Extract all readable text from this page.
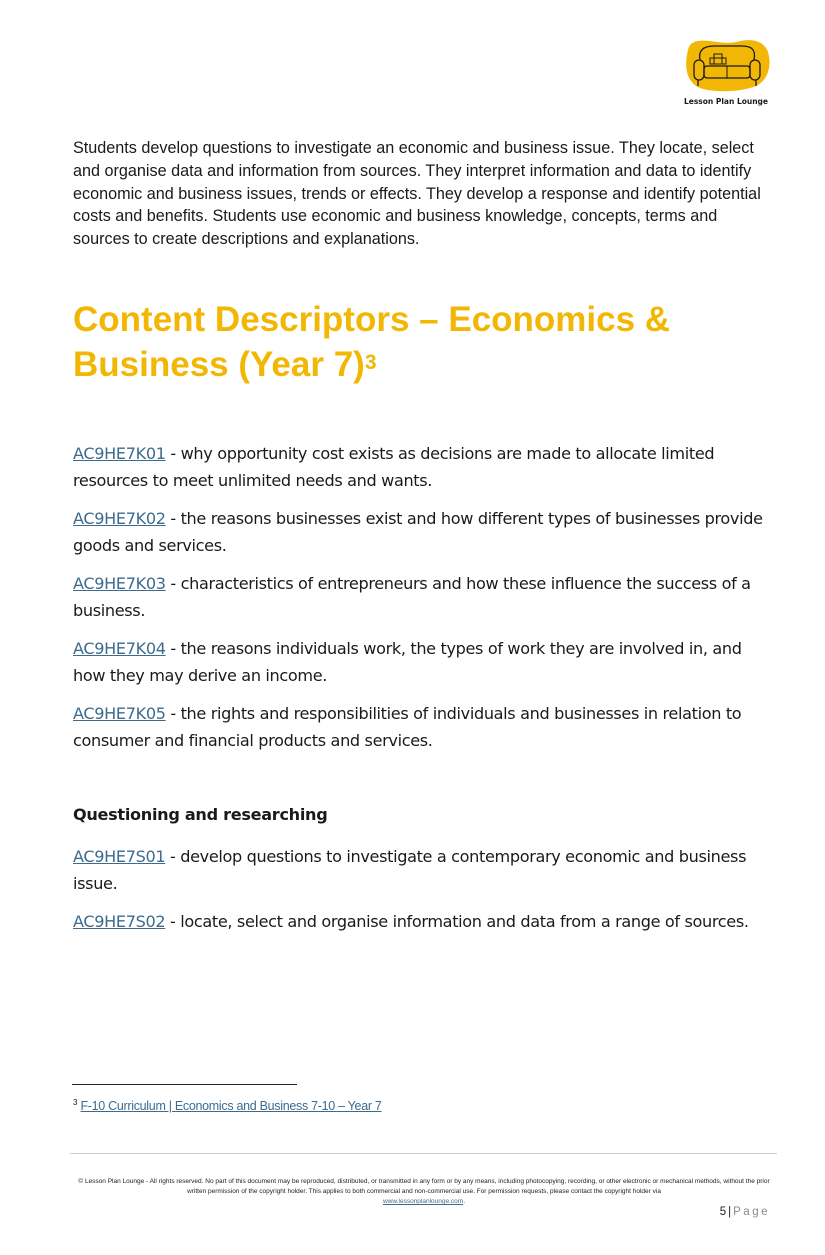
Lesson Plan Lounge

Students develop questions to investigate an economic and business issue. They locate, select and organise data and information from sources. They interpret information and data to identify economic and business issues, trends or effects. They develop a response and identify potential costs and benefits. Students use economic and business knowledge, concepts, terms and sources to create descriptions and explanations.

Content Descriptors – Economics &
Business (Year 7)$^3$

AC9HE7K01 - why opportunity cost exists as decisions are made to allocate limited resources to meet unlimited needs and wants.

AC9HE7K02 - the reasons businesses exist and how different types of businesses provide goods and services.

AC9HE7K03 - characteristics of entrepreneurs and how these influence the success of a business.

AC9HE7K04 - the reasons individuals work, the types of work they are involved in, and how they may derive an income.

AC9HE7K05 - the rights and responsibilities of individuals and businesses in relation to consumer and financial products and services.

Questioning and researching

AC9HE7S01 - develop questions to investigate a contemporary economic and business issue.

AC9HE7S02 - locate, select and organise information and data from a range of sources.

$^3$ F-10 Curriculum | Economics and Business 7-10 – Year 7

© Lesson Plan Lounge - All rights reserved. No part of this document may be reproduced, distributed, or transmitted in any form or by any means, including photocopying, recording, or other electronic or mechanical methods, without the prior written permission of the copyright holder. This applies to both commercial and non-commercial use. For permission requests, please contact the copyright holder via
www.lessonplanlounge.com.

5 | Page
